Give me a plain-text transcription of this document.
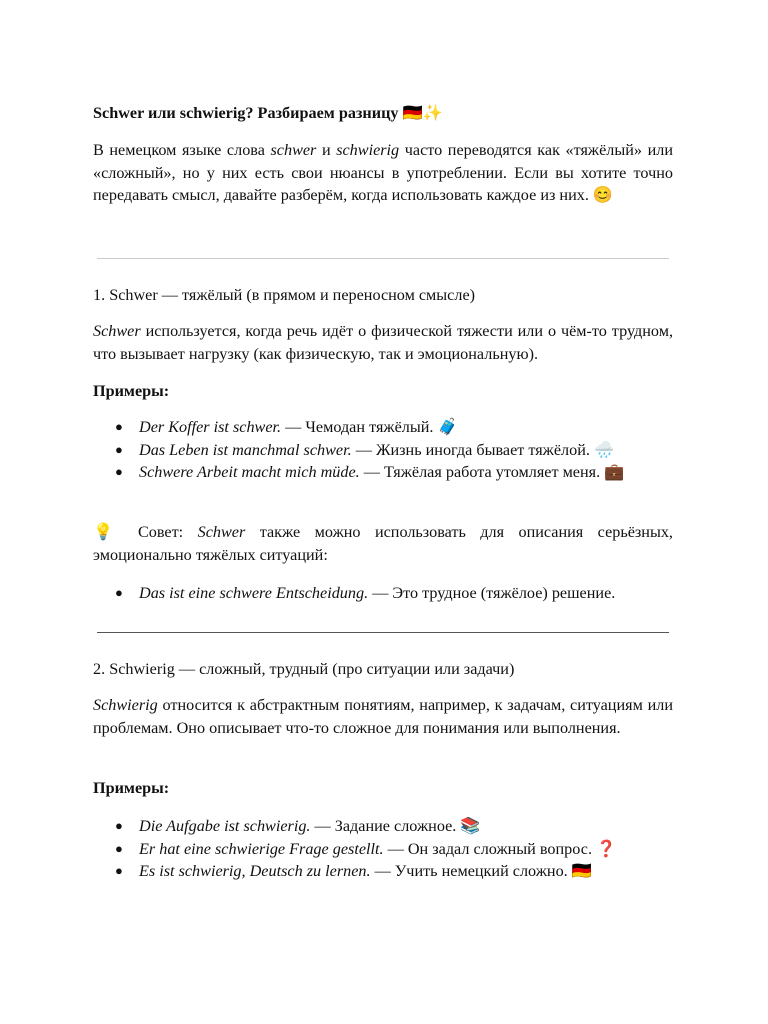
Schwer или schwierig? Разбираем разницу 🇩🇪✨

В немецком языке слова schwer и schwierig часто переводятся как «тяжёлый» или «сложный», но у них есть свои нюансы в употреблении. Если вы хотите точно передавать смысл, давайте разберём, когда использовать каждое из них. 😊

1. Schwer — тяжёлый (в прямом и переносном смысле)

Schwer используется, когда речь идёт о физической тяжести или о чём-то трудном, что вызывает нагрузку (как физическую, так и эмоциональную).

Примеры:
● Der Koffer ist schwer. — Чемодан тяжёлый. 🧳
● Das Leben ist manchmal schwer. — Жизнь иногда бывает тяжёлой. 🌧️
● Schwere Arbeit macht mich müde. — Тяжёлая работа утомляет меня. 💼

💡 Совет: Schwer также можно использовать для описания серьёзных, эмоционально тяжёлых ситуаций:

● Das ist eine schwere Entscheidung. — Это трудное (тяжёлое) решение.
2. Schwierig — сложный, трудный (про ситуации или задачи)

Schwierig относится к абстрактным понятиям, например, к задачам, ситуациям или проблемам. Оно описывает что-то сложное для понимания или выполнения.

Примеры:
● Die Aufgabe ist schwierig. — Задание сложное. 📚
● Er hat eine schwierige Frage gestellt. — Он задал сложный вопрос. ❓
● Es ist schwierig, Deutsch zu lernen. — Учить немецкий сложно. 🇩🇪
